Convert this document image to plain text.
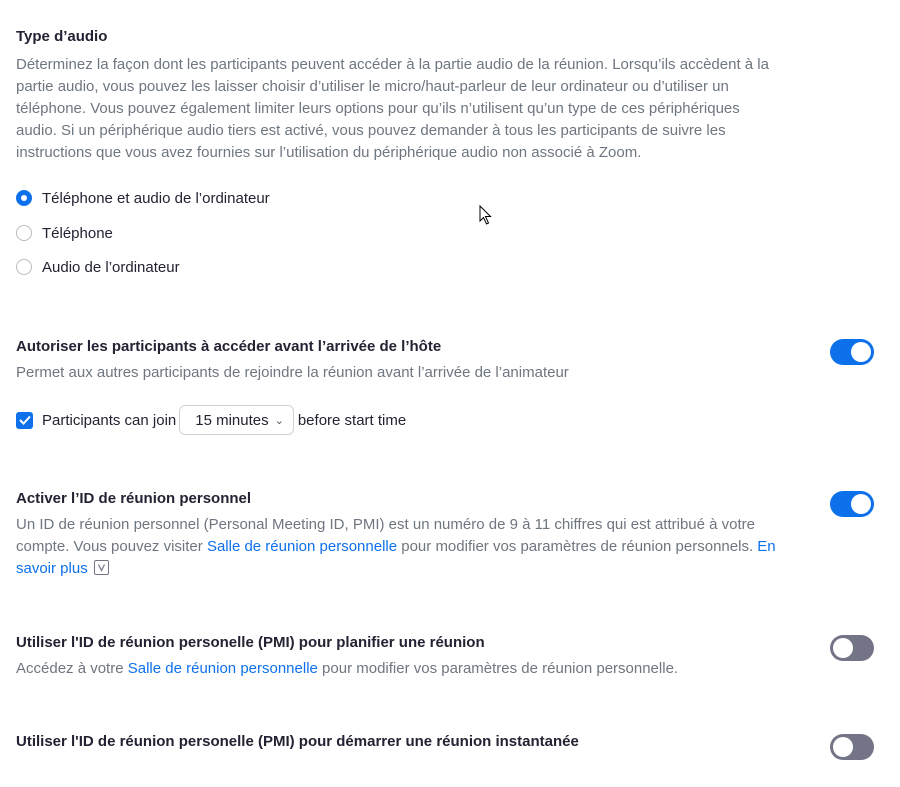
Type d’audio
Déterminez la façon dont les participants peuvent accéder à la partie audio de la réunion. Lorsqu’ils accèdent à la partie audio, vous pouvez les laisser choisir d’utiliser le micro/haut-parleur de leur ordinateur ou d’utiliser un téléphone. Vous pouvez également limiter leurs options pour qu’ils n’utilisent qu’un type de ces périphériques audio. Si un périphérique audio tiers est activé, vous pouvez demander à tous les participants de suivre les instructions que vous avez fournies sur l’utilisation du périphérique audio non associé à Zoom.
Téléphone et audio de l’ordinateur
Téléphone
Audio de l’ordinateur
Autoriser les participants à accéder avant l’arrivée de l’hôte
Permet aux autres participants de rejoindre la réunion avant l’arrivée de l’animateur
Participants can join 15 minutes ⌄ before start time
Activer l’ID de réunion personnel
Un ID de réunion personnel (Personal Meeting ID, PMI) est un numéro de 9 à 11 chiffres qui est attribué à votre compte. Vous pouvez visiter Salle de réunion personnelle pour modifier vos paramètres de réunion personnels. En savoir plus
Utiliser l'ID de réunion personelle (PMI) pour planifier une réunion
Accédez à votre Salle de réunion personnelle pour modifier vos paramètres de réunion personnelle.
Utiliser l'ID de réunion personelle (PMI) pour démarrer une réunion instantanée
